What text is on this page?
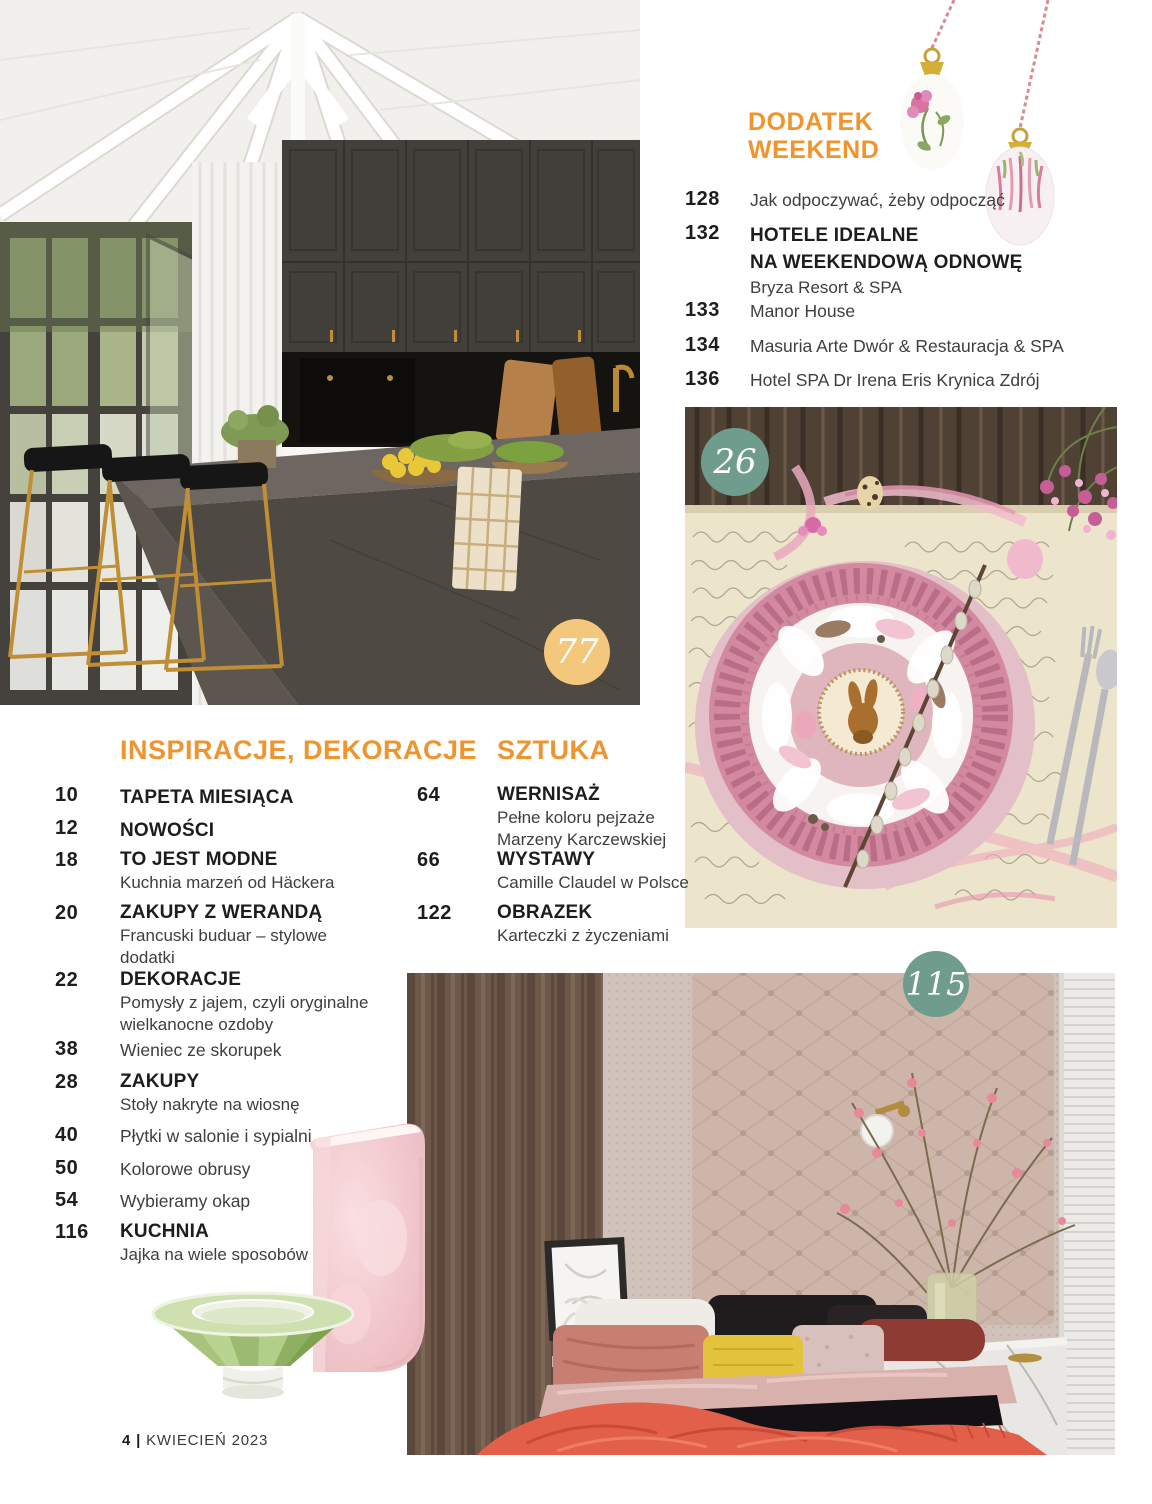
77
DODATEK
WEEKEND
128 Jak odpoczywać, żeby odpocząć
132 HOTELE IDEALNE
NA WEEKENDOWĄ ODNOWĘ
Bryza Resort & SPA
133 Manor House
134 Masuria Arte Dwór & Restauracja & SPA
136 Hotel SPA Dr Irena Eris Krynica Zdrój
26
INSPIRACJE, DEKORACJE SZTUKA
10 TAPETA MIESIĄCA
12 NOWOŚCI
18 TO JEST MODNE
Kuchnia marzeń od Häckera
20 ZAKUPY Z WERANDĄ
Francuski buduar – stylowe dodatki
22 DEKORACJE
Pomysły z jajem, czyli oryginalne wielkanocne ozdoby
38 Wieniec ze skorupek
28 ZAKUPY
Stoły nakryte na wiosnę
40 Płytki w salonie i sypialni
50 Kolorowe obrusy
54 Wybieramy okap
116 KUCHNIA
Jajka na wiele sposobów
64	WERNISAŻ
Pełne koloru pejzaże Marzeny Karczewskiej
66	WYSTAWY
Camille Claudel w Polsce
122 OBRAZEK
Karteczki z życzeniami
115
4 | KWIECIEŃ 2023
